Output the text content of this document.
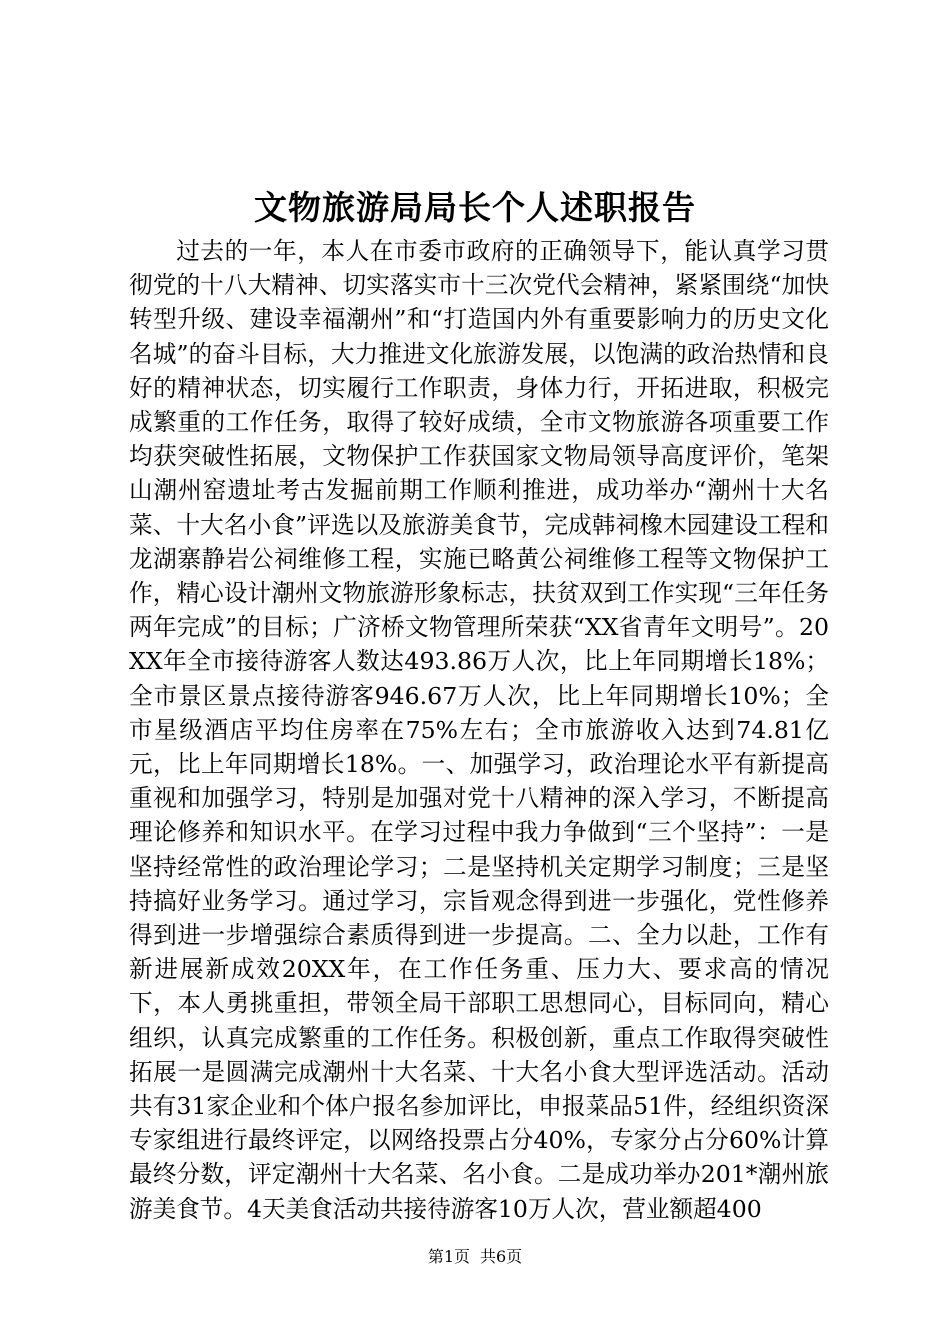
文物旅游局局长个人述职报告

过去的一年，本人在市委市政府的正确领导下，能认真学习贯彻党的十八大精神、切实落实市十三次党代会精神，紧紧围绕“加快转型升级、建设幸福潮州”和“打造国内外有重要影响力的历史文化名城”的奋斗目标，大力推进文化旅游发展，以饱满的政治热情和良好的精神状态，切实履行工作职责，身体力行，开拓进取，积极完成繁重的工作任务，取得了较好成绩，全市文物旅游各项重要工作均获突破性拓展，文物保护工作获国家文物局领导高度评价，笔架山潮州窑遗址考古发掘前期工作顺利推进，成功举办“潮州十大名菜、十大名小食”评选以及旅游美食节，完成韩祠橡木园建设工程和龙湖寨静岩公祠维修工程，实施已略黄公祠维修工程等文物保护工作，精心设计潮州文物旅游形象标志，扶贫双到工作实现“三年任务两年完成”的目标；广济桥文物管理所荣获“XX省青年文明号”。20XX年全市接待游客人数达493.86万人次，比上年同期增长18%；全市景区景点接待游客946.67万人次，比上年同期增长10%；全市星级酒店平均住房率在75%左右；全市旅游收入达到74.81亿元，比上年同期增长18%。一、加强学习，政治理论水平有新提高重视和加强学习，特别是加强对党十八精神的深入学习，不断提高理论修养和知识水平。在学习过程中我力争做到“三个坚持”：一是坚持经常性的政治理论学习；二是坚持机关定期学习制度；三是坚持搞好业务学习。通过学习，宗旨观念得到进一步强化，党性修养得到进一步增强综合素质得到进一步提高。二、全力以赴，工作有新进展新成效20XX年，在工作任务重、压力大、要求高的情况下，本人勇挑重担，带领全局干部职工思想同心，目标同向，精心组织，认真完成繁重的工作任务。积极创新，重点工作取得突破性拓展一是圆满完成潮州十大名菜、十大名小食大型评选活动。活动共有31家企业和个体户报名参加评比，申报菜品51件，经组织资深专家组进行最终评定，以网络投票占分40%，专家分占分60%计算最终分数，评定潮州十大名菜、名小食。二是成功举办201*潮州旅游美食节。4天美食活动共接待游客10万人次，营业额超400

第1页 共6页
